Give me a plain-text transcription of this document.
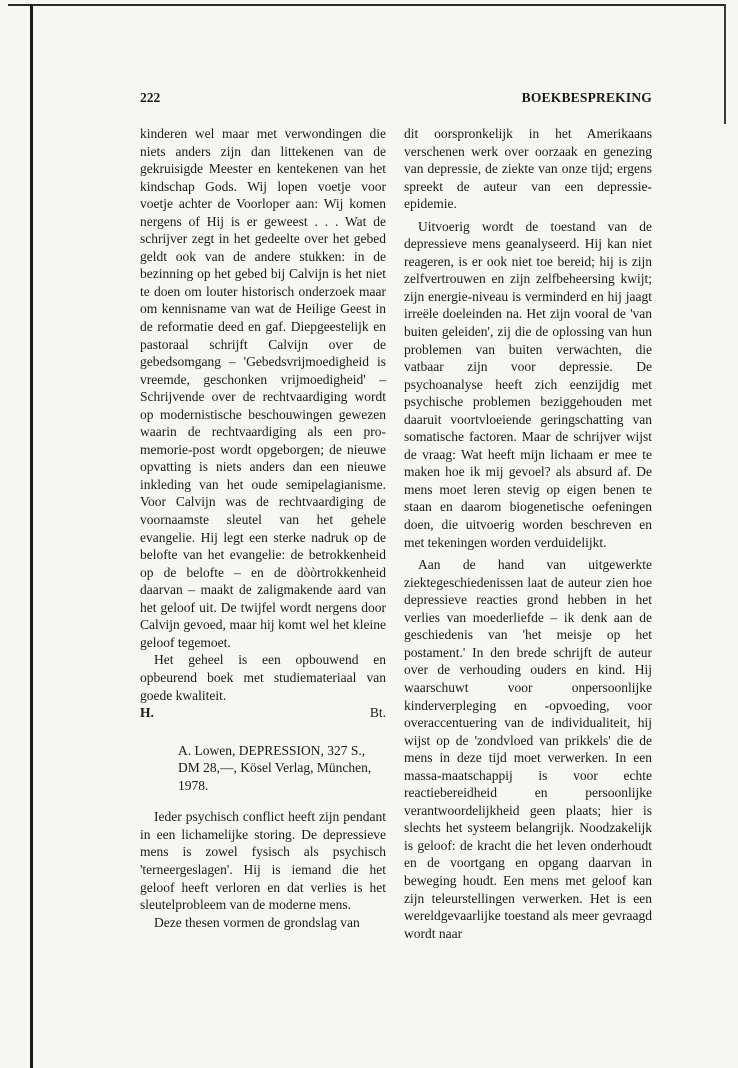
222	BOEKBESPREKING

kinderen wel maar met verwondingen die niets anders zijn dan littekenen van de gekruisigde Meester en kentekenen van het kindschap Gods. Wij lopen voetje voor voetje achter de Voorloper aan: Wij komen nergens of Hij is er geweest . . . Wat de schrijver zegt in het gedeelte over het gebed geldt ook van de andere stukken: in de bezinning op het gebed bij Calvijn is het niet te doen om louter historisch onderzoek maar om kennisname van wat de Heilige Geest in de reformatie deed en gaf. Diepgeestelijk en pastoraal schrijft Calvijn over de gebedsomgang – 'Gebedsvrijmoedigheid is vreemde, geschonken vrijmoedigheid' – Schrijvende over de rechtvaardiging wordt op modernistische beschouwingen gewezen waarin de rechtvaardiging als een pro-memorie-post wordt opgeborgen; de nieuwe opvatting is niets anders dan een nieuwe inkleding van het oude semipelagianisme. Voor Calvijn was de rechtvaardiging de voornaamste sleutel van het gehele evangelie. Hij legt een sterke nadruk op de belofte van het evangelie: de betrokkenheid op de belofte – en de dòòrtrokkenheid daarvan – maakt de zaligmakende aard van het geloof uit. De twijfel wordt nergens door Calvijn gevoed, maar hij komt wel het kleine geloof tegemoet.

Het geheel is een opbouwend en opbeurend boek met studiemateriaal van goede kwaliteit.

H.	Bt.

A. Lowen, DEPRESSION, 327 S., DM 28,—, Kösel Verlag, München, 1978.

Ieder psychisch conflict heeft zijn pendant in een lichamelijke storing. De depressieve mens is zowel fysisch als psychisch 'terneergeslagen'. Hij is iemand die het geloof heeft verloren en dat verlies is het sleutelprobleem van de moderne mens.

Deze thesen vormen de grondslag van

dit oorspronkelijk in het Amerikaans verschenen werk over oorzaak en genezing van depressie, de ziekte van onze tijd; ergens spreekt de auteur van een depressie-epidemie.

Uitvoerig wordt de toestand van de depressieve mens geanalyseerd. Hij kan niet reageren, is er ook niet toe bereid; hij is zijn zelfvertrouwen en zijn zelfbeheersing kwijt; zijn energie-niveau is verminderd en hij jaagt irreële doeleinden na. Het zijn vooral de 'van buiten geleiden', zij die de oplossing van hun problemen van buiten verwachten, die vatbaar zijn voor depressie. De psychoanalyse heeft zich eenzijdig met psychische problemen beziggehouden met daaruit voortvloeiende geringschatting van somatische factoren. Maar de schrijver wijst de vraag: Wat heeft mijn lichaam er mee te maken hoe ik mij gevoel? als absurd af. De mens moet leren stevig op eigen benen te staan en daarom biogenetische oefeningen doen, die uitvoerig worden beschreven en met tekeningen worden verduidelijkt.

Aan de hand van uitgewerkte ziektegeschiedenissen laat de auteur zien hoe depressieve reacties grond hebben in het verlies van moederliefde – ik denk aan de geschiedenis van 'het meisje op het postament.' In den brede schrijft de auteur over de verhouding ouders en kind. Hij waarschuwt voor onpersoonlijke kinderverpleging en -opvoeding, voor overaccentuering van de individualiteit, hij wijst op de 'zondvloed van prikkels' die de mens in deze tijd moet verwerken. In een massa-maatschappij is voor echte reactiebereidheid en persoonlijke verantwoordelijkheid geen plaats; hier is slechts het systeem belangrijk. Noodzakelijk is geloof: de kracht die het leven onderhoudt en de voortgang en opgang daarvan in beweging houdt. Een mens met geloof kan zijn teleurstellingen verwerken. Het is een wereldgevaarlijke toestand als meer gevraagd wordt naar
